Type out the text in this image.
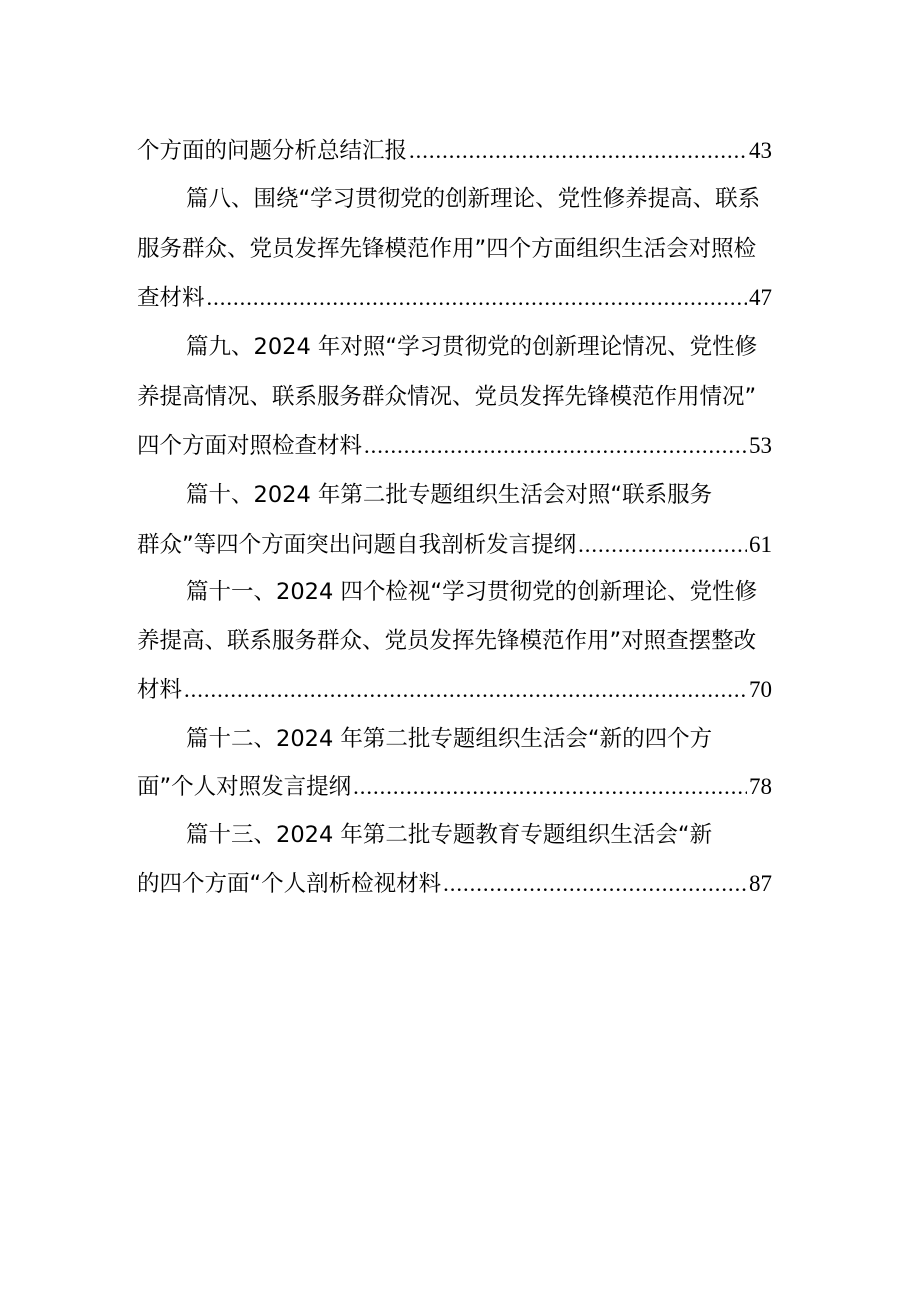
个方面的问题分析总结汇报 .....	43
篇八、围绕“学习贯彻党的创新理论、党性修养提高、联系
服务群众、党员发挥先锋模范作用”四个方面组织生活会对照检
查材料 .....	47
篇九、2024 年对照“学习贯彻党的创新理论情况、党性修
养提高情况、联系服务群众情况、党员发挥先锋模范作用情况”
四个方面对照检查材料 .....	53
篇十、2024 年第二批专题组织生活会对照“联系服务
群众”等四个方面突出问题自我剖析发言提纲 .....	61
篇十一、2024 四个检视“学习贯彻党的创新理论、党性修
养提高、联系服务群众、党员发挥先锋模范作用”对照查摆整改
材料 .....	70
篇十二、2024 年第二批专题组织生活会“新的四个方
面”个人对照发言提纲 .....	78
篇十三、2024 年第二批专题教育专题组织生活会“新
的四个方面“个人剖析检视材料 .....	87
